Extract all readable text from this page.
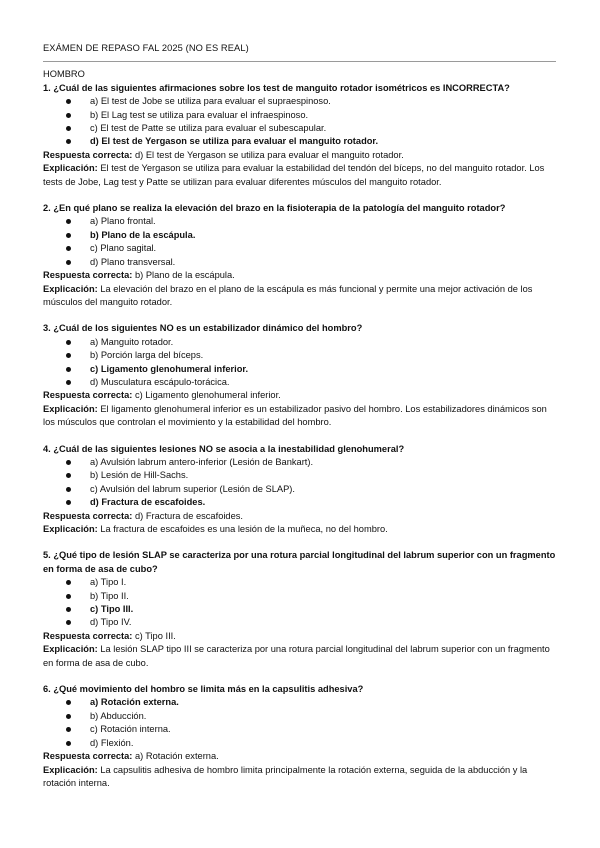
EXÁMEN DE REPASO FAL 2025 (NO ES REAL)
HOMBRO
1. ¿Cuál de las siguientes afirmaciones sobre los test de manguito rotador isométricos es INCORRECTA?
a) El test de Jobe se utiliza para evaluar el supraespinoso.
b) El Lag test se utiliza para evaluar el infraespinoso.
c) El test de Patte se utiliza para evaluar el subescapular.
d) El test de Yergason se utiliza para evaluar el manguito rotador.
Respuesta correcta: d) El test de Yergason se utiliza para evaluar el manguito rotador.
Explicación: El test de Yergason se utiliza para evaluar la estabilidad del tendón del bíceps, no del manguito rotador. Los tests de Jobe, Lag test y Patte se utilizan para evaluar diferentes músculos del manguito rotador.
2. ¿En qué plano se realiza la elevación del brazo en la fisioterapia de la patología del manguito rotador?
a) Plano frontal.
b) Plano de la escápula.
c) Plano sagital.
d) Plano transversal.
Respuesta correcta: b) Plano de la escápula.
Explicación: La elevación del brazo en el plano de la escápula es más funcional y permite una mejor activación de los músculos del manguito rotador.
3. ¿Cuál de los siguientes NO es un estabilizador dinámico del hombro?
a) Manguito rotador.
b) Porción larga del bíceps.
c) Ligamento glenohumeral inferior.
d) Musculatura escápulo-torácica.
Respuesta correcta: c) Ligamento glenohumeral inferior.
Explicación: El ligamento glenohumeral inferior es un estabilizador pasivo del hombro. Los estabilizadores dinámicos son los músculos que controlan el movimiento y la estabilidad del hombro.
4. ¿Cuál de las siguientes lesiones NO se asocia a la inestabilidad glenohumeral?
a) Avulsión labrum antero-inferior (Lesión de Bankart).
b) Lesión de Hill-Sachs.
c) Avulsión del labrum superior (Lesión de SLAP).
d) Fractura de escafoides.
Respuesta correcta: d) Fractura de escafoides.
Explicación: La fractura de escafoides es una lesión de la muñeca, no del hombro.
5. ¿Qué tipo de lesión SLAP se caracteriza por una rotura parcial longitudinal del labrum superior con un fragmento en forma de asa de cubo?
a) Tipo I.
b) Tipo II.
c) Tipo III.
d) Tipo IV.
Respuesta correcta: c) Tipo III.
Explicación: La lesión SLAP tipo III se caracteriza por una rotura parcial longitudinal del labrum superior con un fragmento en forma de asa de cubo.
6. ¿Qué movimiento del hombro se limita más en la capsulitis adhesiva?
a) Rotación externa.
b) Abducción.
c) Rotación interna.
d) Flexión.
Respuesta correcta: a) Rotación externa.
Explicación: La capsulitis adhesiva de hombro limita principalmente la rotación externa, seguida de la abducción y la rotación interna.
